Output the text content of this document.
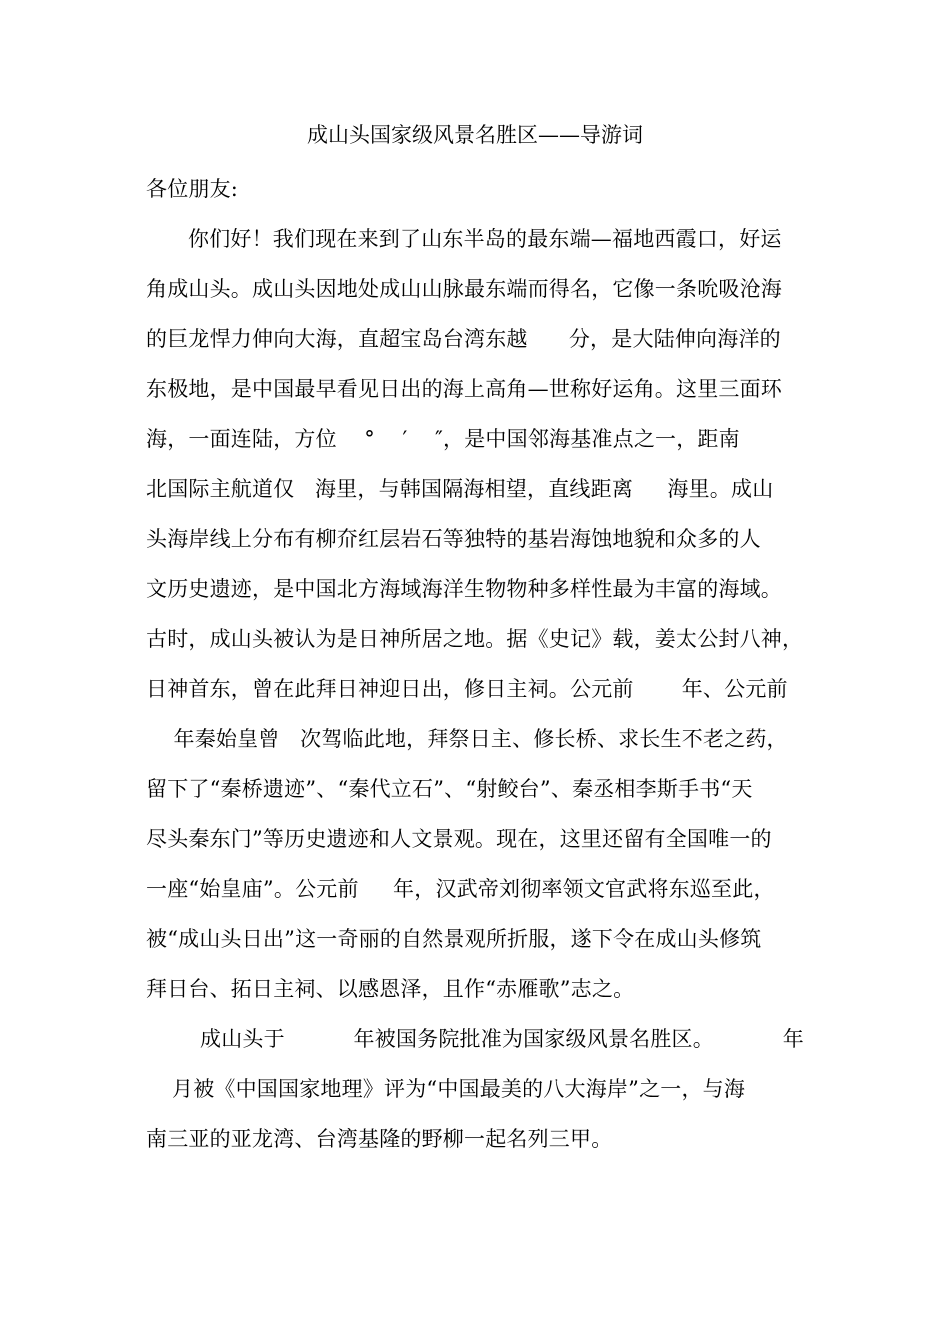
成山头国家级风景名胜区——导游词
各位朋友:
你们好！我们现在来到了山东半岛的最东端—福地西霞口，好运
角成山头。成山头因地处成山山脉最东端而得名，它像一条吮吸沧海
的巨龙悍力伸向大海，直超宝岛台湾东越      分，是大陆伸向海洋的
东极地，是中国最早看见日出的海上高角—世称好运角。这里三面环
海，一面连陆，方位    °    ′    ″，是中国邻海基准点之一，距南
北国际主航道仅   海里，与韩国隔海相望，直线距离     海里。成山
头海岸线上分布有柳夼红层岩石等独特的基岩海蚀地貌和众多的人
文历史遗迹，是中国北方海域海洋生物物种多样性最为丰富的海域。
古时，成山头被认为是日神所居之地。据《史记》载，姜太公封八神，
日神首东，曾在此拜日神迎日出，修日主祠。公元前       年、公元前
年秦始皇曾   次驾临此地，拜祭日主、修长桥、求长生不老之药，
留下了“秦桥遗迹”、“秦代立石”、“射鲛台”、秦丞相李斯手书“天
尽头秦东门”等历史遗迹和人文景观。现在，这里还留有全国唯一的
一座“始皇庙”。公元前     年，汉武帝刘彻率领文官武将东巡至此，
被“成山头日出”这一奇丽的自然景观所折服，遂下令在成山头修筑
拜日台、拓日主祠、以感恩泽，且作“赤雁歌”志之。
成山头于          年被国务院批准为国家级风景名胜区。          年
月被《中国国家地理》评为“中国最美的八大海岸”之一，与海
南三亚的亚龙湾、台湾基隆的野柳一起名列三甲。
